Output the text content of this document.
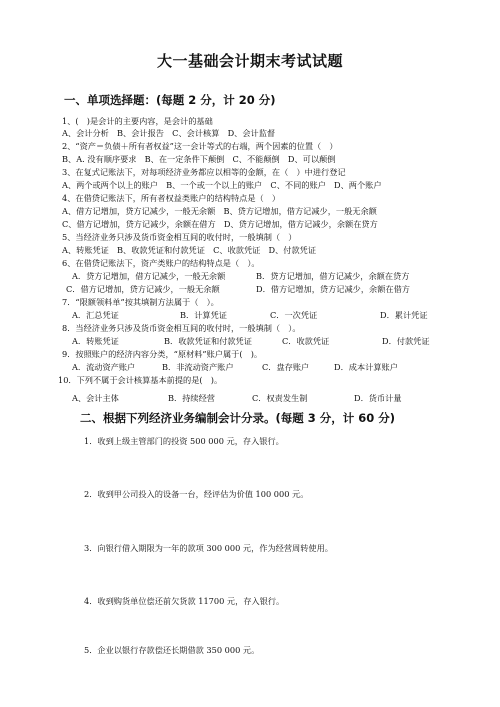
大一基础会计期末考试试题
一、单项选择题：(每题 2 分，计 20 分)
1、(　)是会计的主要内容，是会计的基础
A、会计分析　B、会计报告　C、会计核算　D、会计监督
2、“资产＝负债＋所有者权益”这一会计等式的右端，两个因素的位置（　）
B、A. 没有顺序要求　B、在一定条件下颠倒　C、不能颠倒　D、可以颠倒
3、在复式记账法下，对每项经济业务都应以相等的金额，在（　）中进行登记
A、两个或两个以上的账户　B、一个或一个以上的账户　C、不同的账户　D、两个账户
4、在借贷记账法下，所有者权益类账户的结构特点是（　）
A、借方记增加，贷方记减少，一般无余额　B、贷方记增加，借方记减少，一般无余额
C、借方记增加，贷方记减少，余额在借方　D、贷方记增加，借方记减少，余额在贷方
5、当经济业务只涉及货币资金相互间的收付时，一般填制（　）
A、转账凭证　B、收款凭证和付款凭证　C、收款凭证　D、付款凭证
6、在借贷记账法下，资产类账户的结构特点是（　）。
A．贷方记增加，借方记减少，一般无余额	B．贷方记增加，借方记减少，余额在贷方
C．借方记增加，贷方记减少，一般无余额	D．借方记增加，贷方记减少，余额在借方
7．“限额领料单”按其填制方法属于（　）。
A．汇总凭证	B．计算凭证	C．一次凭证	D．累计凭证
8．当经济业务只涉及货币资金相互间的收付时，一般填制（　）。
A．转账凭证	B．收款凭证和付款凭证	C．收款凭证	D．付款凭证
9．按照账户的经济内容分类，“原材料”账户属于(　)。
A．流动资产账户	B．非流动资产账户	C．盘存账户	D．成本计算账户
10．下列不属于会计核算基本前提的是(　)。
A、会计主体	B．持续经营	C．权责发生制	D．货币计量
二、根据下列经济业务编制会计分录。(每题 3 分，计 60 分)
1．收到上级主管部门的投资 500 000 元，存入银行。
2．收到甲公司投入的设备一台，经评估为价值 100 000 元。
3．向银行借入期限为一年的款项 300 000 元，作为经营周转使用。
4．收到购货单位偿还前欠货款 11700 元，存入银行。
5．企业以银行存款偿还长期借款 350 000 元。
